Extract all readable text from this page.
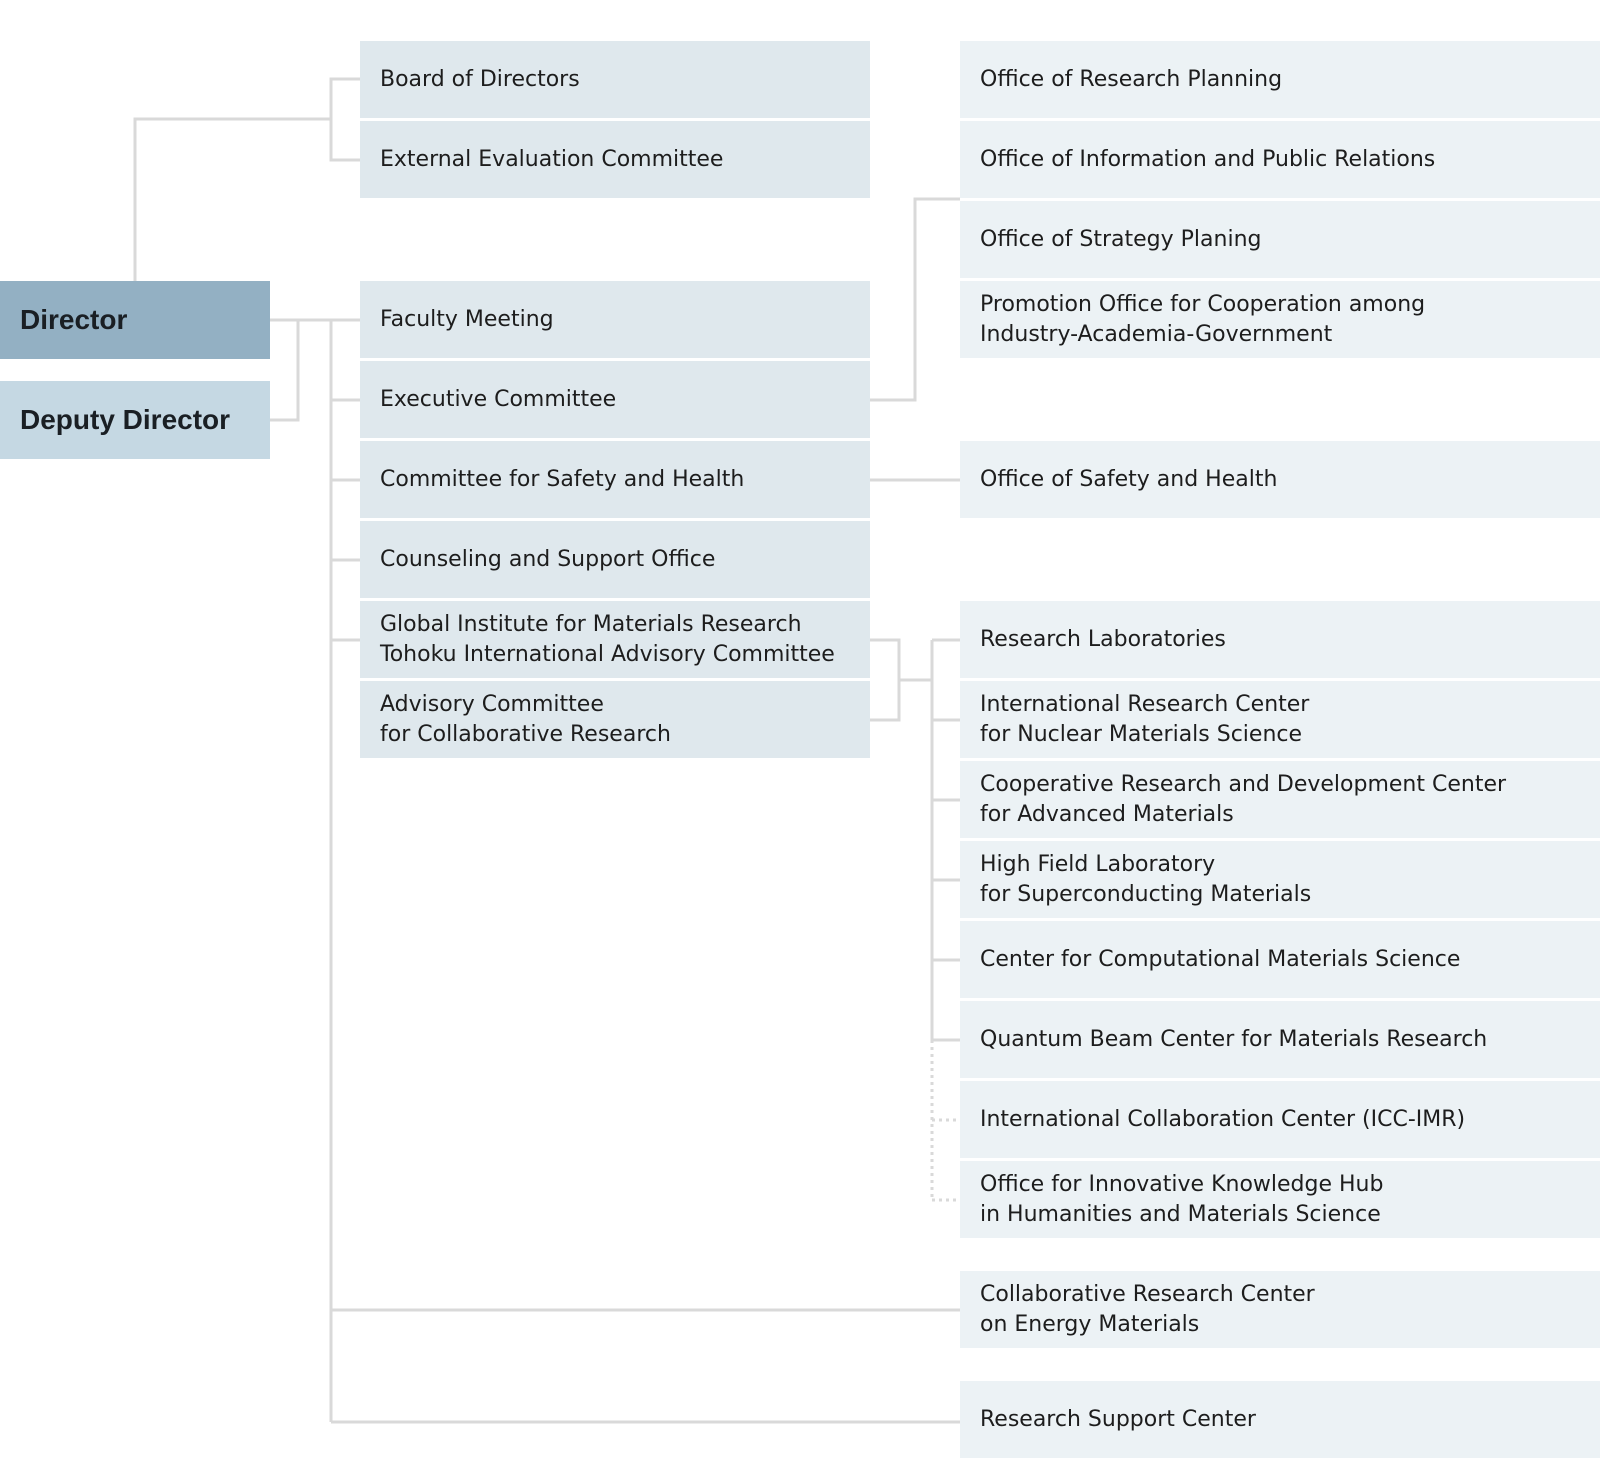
Director
Deputy Director
Board of Directors
External Evaluation Committee
Faculty Meeting
Executive Committee
Committee for Safety and Health
Counseling and Support Office
Global Institute for Materials Research
Tohoku International Advisory Committee
Advisory Committee
for Collaborative Research
Office of Research Planning
Office of Information and Public Relations
Office of Strategy Planing
Promotion Office for Cooperation among
Industry-Academia-Government
Office of Safety and Health
Research Laboratories
International Research Center
for Nuclear Materials Science
Cooperative Research and Development Center
for Advanced Materials
High Field Laboratory
for Superconducting Materials
Center for Computational Materials Science
Quantum Beam Center for Materials Research
International Collaboration Center (ICC-IMR)
Office for Innovative Knowledge Hub
in Humanities and Materials Science
Collaborative Research Center
on Energy Materials
Research Support Center
